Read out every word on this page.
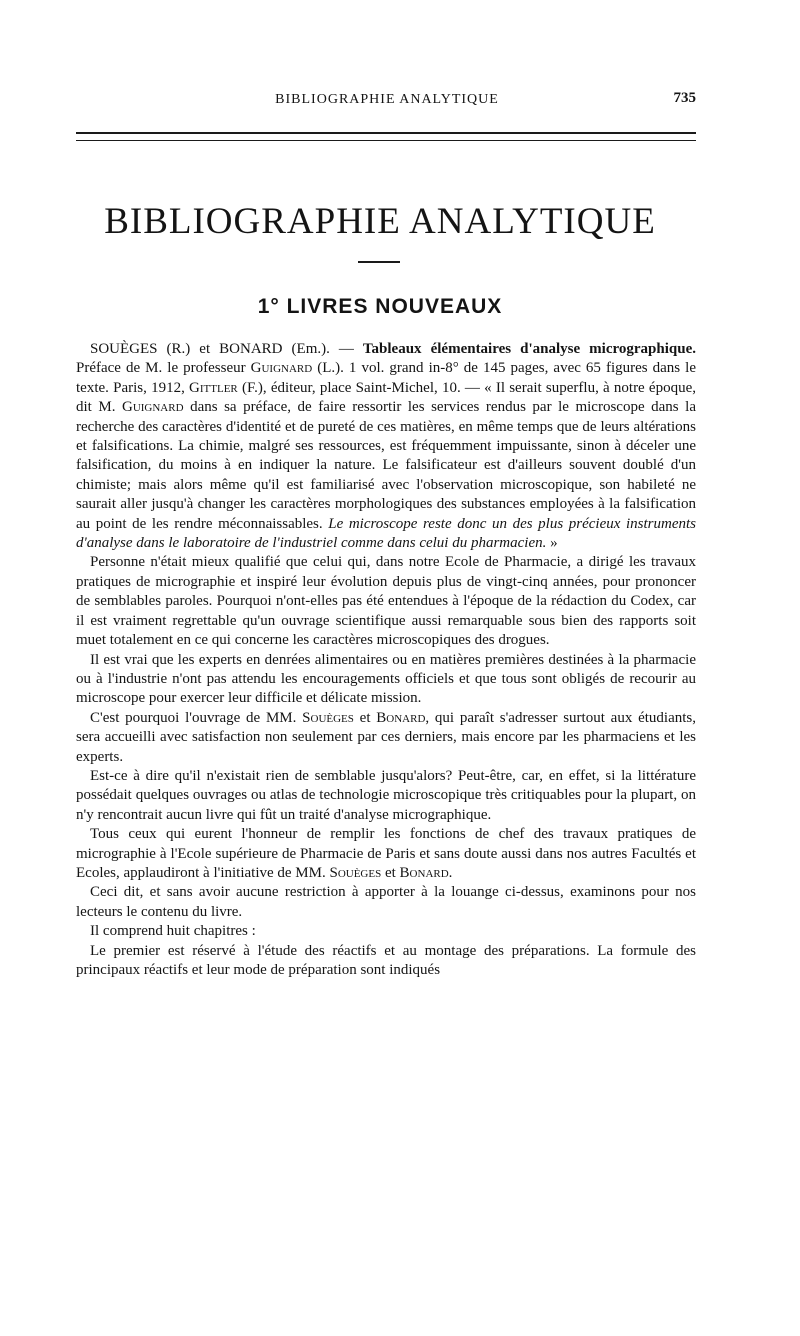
BIBLIOGRAPHIE ANALYTIQUE	735
BIBLIOGRAPHIE ANALYTIQUE
1° LIVRES NOUVEAUX

SOUÈGES (R.) et BONARD (Em.). — Tableaux élémentaires d'analyse micrographique. Préface de M. le professeur Guignard (L.). 1 vol. grand in-8° de 145 pages, avec 65 figures dans le texte. Paris, 1912, Gittler (F.), éditeur, place Saint-Michel, 10. — « Il serait superflu, à notre époque, dit M. Guignard dans sa préface, de faire ressortir les services rendus par le microscope dans la recherche des caractères d'identité et de pureté de ces matières, en même temps que de leurs altérations et falsifications. La chimie, malgré ses ressources, est fréquemment impuissante, sinon à déceler une falsification, du moins à en indiquer la nature. Le falsificateur est d'ailleurs souvent doublé d'un chimiste; mais alors même qu'il est familiarisé avec l'observation microscopique, son habileté ne saurait aller jusqu'à changer les caractères morphologiques des substances employées à la falsification au point de les rendre méconnaissables. Le microscope reste donc un des plus précieux instruments d'analyse dans le laboratoire de l'industriel comme dans celui du pharmacien. »

Personne n'était mieux qualifié que celui qui, dans notre Ecole de Pharmacie, a dirigé les travaux pratiques de micrographie et inspiré leur évolution depuis plus de vingt-cinq années, pour prononcer de semblables paroles. Pourquoi n'ont-elles pas été entendues à l'époque de la rédaction du Codex, car il est vraiment regrettable qu'un ouvrage scientifique aussi remarquable sous bien des rapports soit muet totalement en ce qui concerne les caractères microscopiques des drogues.

Il est vrai que les experts en denrées alimentaires ou en matières premières destinées à la pharmacie ou à l'industrie n'ont pas attendu les encouragements officiels et que tous sont obligés de recourir au microscope pour exercer leur difficile et délicate mission.

C'est pourquoi l'ouvrage de MM. Souèges et Bonard, qui paraît s'adresser surtout aux étudiants, sera accueilli avec satisfaction non seulement par ces derniers, mais encore par les pharmaciens et les experts.

Est-ce à dire qu'il n'existait rien de semblable jusqu'alors? Peut-être, car, en effet, si la littérature possédait quelques ouvrages ou atlas de technologie microscopique très critiquables pour la plupart, on n'y rencontrait aucun livre qui fût un traité d'analyse micrographique.

Tous ceux qui eurent l'honneur de remplir les fonctions de chef des travaux pratiques de micrographie à l'Ecole supérieure de Pharmacie de Paris et sans doute aussi dans nos autres Facultés et Ecoles, applaudiront à l'initiative de MM. Souèges et Bonard.

Ceci dit, et sans avoir aucune restriction à apporter à la louange ci-dessus, examinons pour nos lecteurs le contenu du livre.

Il comprend huit chapitres :

Le premier est réservé à l'étude des réactifs et au montage des préparations. La formule des principaux réactifs et leur mode de préparation sont indiqués
